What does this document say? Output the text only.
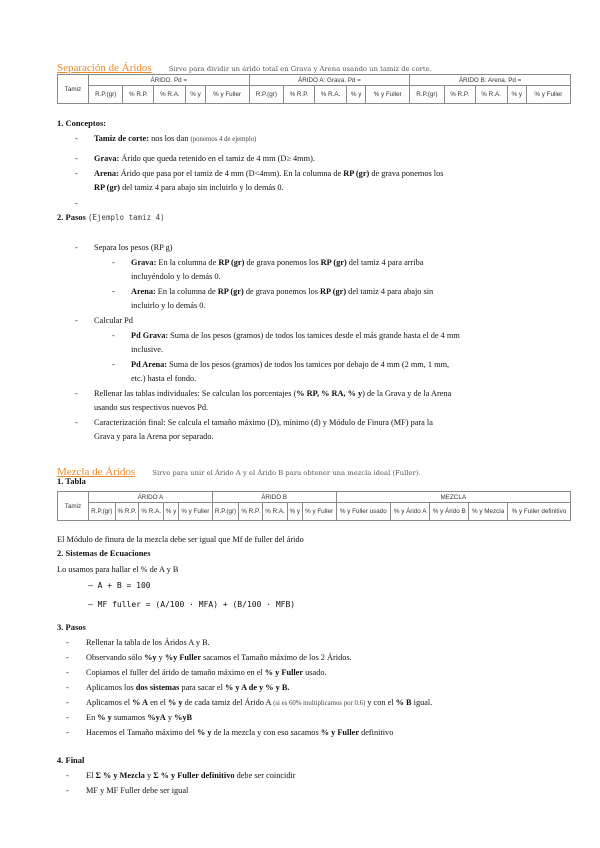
Separación de Áridos	Sirve para dividir un árido total en Grava y Arena usando un tamiz de corte.
Tamiz	ÁRIDO. Pd =					ÁRIDO A: Grava. Pd =					ÁRIDO B: Arena. Pd =				
	R.P.(gr)	% R.P.	% R.A.	% y	% y Fuller	R.P.(gr)	% R.P.	% R.A.	% y	% y Fuller	R.P.(gr)	% R.P.	% R.A.	% y	% y Fuller
1. Conceptos:
- Tamiz de corte: nos los dan (ponemos 4 de ejemplo)
- Grava: Árido que queda retenido en el tamiz de 4 mm (D≥ 4mm).
- Arena: Árido que pasa por el tamiz de 4 mm (D<4mm). En la columna de RP (gr) de grava ponemos los
RP (gr) del tamiz 4 para abajo sin incluirlo y lo demás 0.
-
2. Pasos (Ejemplo tamiz 4)
- Separa los pesos (RP g)
- Grava: En la columna de RP (gr) de grava ponemos los RP (gr) del tamiz 4 para arriba
incluyéndolo y lo demás 0.
- Arena: En la columna de RP (gr) de grava ponemos los RP (gr) del tamiz 4 para abajo sin
incluirlo y lo demás 0.
- Calcular Pd
- Pd Grava: Suma de los pesos (gramos) de todos los tamices desde el más grande hasta el de 4 mm
inclusive.
- Pd Arena: Suma de los pesos (gramos) de todos los tamices por debajo de 4 mm (2 mm, 1 mm,
etc.) hasta el fondo.
- Rellenar las tablas individuales: Se calculan los porcentajes (% RP, % RA, % y) de la Grava y de la Arena
usando sus respectivos nuevos Pd.
- Caracterización final: Se calcula el tamaño máximo (D), mínimo (d) y Módulo de Finura (MF) para la
Grava y para la Arena por separado.
Mezcla de Áridos	Sirve para unir el Árido A y el Árido B para obtener una mezcla ideal (Fuller).
1. Tabla
Tamiz	ÁRIDO A					ÁRIDO B					MEZCLA				
	R.P.(gr)	% R.P.	% R.A.	% y	% y Fuller	R.P.(gr)	% R.P.	% R.A.	% y	% y Fuller	% y Fuller usado	% y Árido A	% y Árido B	% y Mezcla	% y Fuller definitivo
El Módulo de finura de la mezcla debe ser igual que Mf de fuller del árido
2. Sistemas de Ecuaciones
Lo usamos para hallar el % de A y B
– A + B = 100
– MF fuller = (A/100 · MFA) + (B/100 · MFB)
3. Pasos
- Rellenar la tabla de los Áridos A y B.
- Observando sólo %y y %y Fuller sacamos el Tamaño máximo de los 2 Áridos.
- Copiamos el fuller del árido de tamaño máximo en el % y Fuller usado.
- Aplicamos los dos sistemas para sacar el % y A de y % y B.
- Aplicamos el % A en el % y de cada tamiz del Árido A (si es 60% multiplicamos por 0.6) y con el % B igual.
- En % y sumamos %yA y %yB
- Hacemos el Tamaño máximo del % y de la mezcla y con eso sacamos % y Fuller definitivo
4. Final
- El Σ % y Mezcla y Σ % y Fuller definitivo debe ser coincidir
- MF y MF Fuller debe ser igual
